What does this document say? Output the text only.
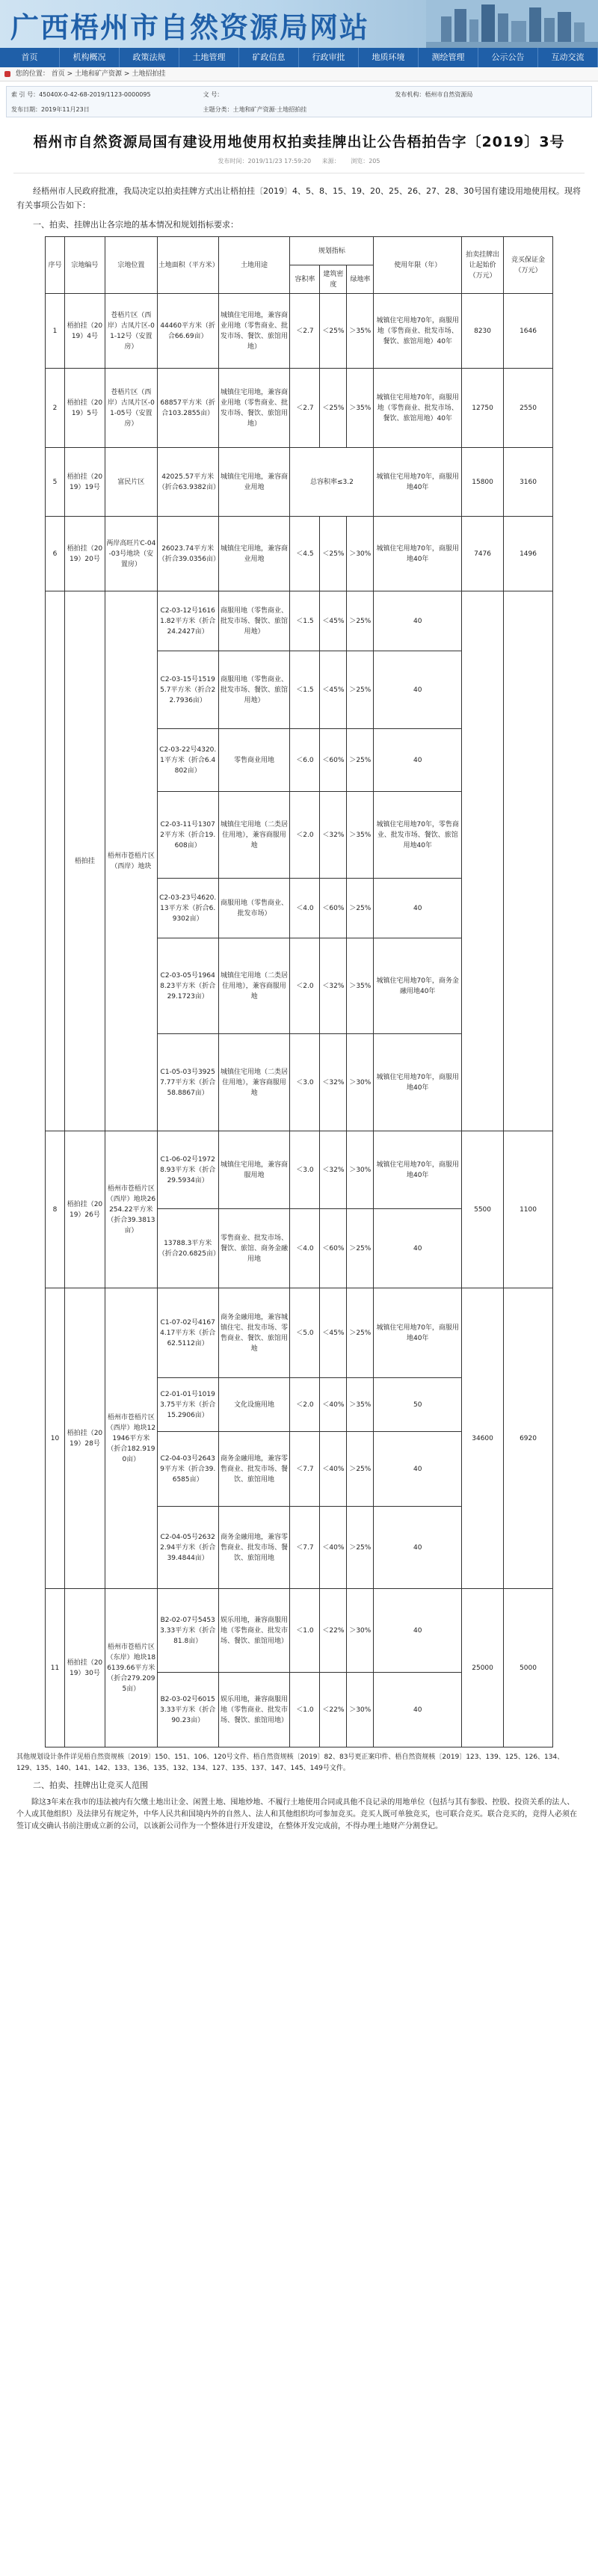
广西梧州市自然资源局网站
首页	机构概况	政策法规	土地管理	矿政信息	行政审批	地质环境	测绘管理	公示公告	互动交流
您的位置： 首页 > 土地和矿产资源 > 土地招拍挂
索 引 号：45040X-0-42-68-2019/1123-0000095	文 号：	发布机构：梧州市自然资源局
发布日期：2019年11月23日	主题分类：土地和矿产资源·土地招拍挂
梧州市自然资源局国有建设用地使用权拍卖挂牌出让公告梧拍告字〔2019〕3号
发布时间：2019/11/23 17:59:20 来源： 浏览：205

经梧州市人民政府批准，我局决定以拍卖挂牌方式出让梧拍挂〔2019〕4、5、8、15、19、20、25、26、27、28、30号国有建设用地使用权。现将有关事项公告如下：

一、拍卖、挂牌出让各宗地的基本情况和规划指标要求：

序号	宗地编号	宗地位置	土地面积（平方米）	土地用途	规划指标			使用年限（年）	拍卖挂牌出让起始价（万元）	竞买保证金（万元）
					容积率	建筑密度	绿地率			
1	梧拍挂（2019）4号	苍梧片区（西岸）古凤片区-01-12号（安置房）	44460平方米（折合66.69亩）	城镇住宅用地，兼容商业用地（零售商业、批发市场、餐饮、旅馆用地）	＜2.7	＜25%	＞35%	城镇住宅用地70年，商服用地（零售商业、批发市场、餐饮、旅馆用地）40年	8230	1646
2	梧拍挂（2019）5号	苍梧片区（西岸）古凤片区-01-05号（安置房）	68857平方米（折合103.2855亩）	城镇住宅用地，兼容商业用地（零售商业、批发市场、餐饮、旅馆用地）	＜2.7	＜25%	＞35%	城镇住宅用地70年，商服用地（零售商业、批发市场、餐饮、旅馆用地）40年	12750	2550
5	梧拍挂（2019）19号	富民片区	42025.57平方米（折合63.9382亩）	城镇住宅用地，兼容商业用地	总容积率≤3.2			城镇住宅用地70年，商服用地40年	15800	3160
6	梧拍挂（2019）20号	两岸高旺片C-04-03号地块（安置房）	26023.74平方米（折合39.0356亩）	城镇住宅用地，兼容商业用地	＜4.5	＜25%	＞30%	城镇住宅用地70年，商服用地40年	7476	1496
	梧拍挂	梧州市苍梧片区（西岸）地块	C2-03-12号16161.82平方米（折合24.2427亩）	商服用地（零售商业、批发市场、餐饮、旅馆用地）	＜1.5	＜45%	＞25%	40		
			C2-03-15号15195.7平方米（折合22.7936亩）	商服用地（零售商业、批发市场、餐饮、旅馆用地）	＜1.5	＜45%	＞25%	40		
			C2-03-22号4320.1平方米（折合6.4802亩）	零售商业用地	＜6.0	＜60%	＞25%	40		
			C2-03-11号13072平方米（折合19.608亩）	城镇住宅用地（二类居住用地），兼容商服用地	＜2.0	＜32%	＞35%	城镇住宅用地70年，零售商业、批发市场、餐饮、旅馆用地40年		
			C2-03-23号4620.13平方米（折合6.9302亩）	商服用地（零售商业、批发市场）	＜4.0	＜60%	＞25%	40		
			C2-03-05号19648.23平方米（折合29.1723亩）	城镇住宅用地（二类居住用地），兼容商服用地	＜2.0	＜32%	＞35%	城镇住宅用地70年，商务金融用地40年		
			C1-05-03号39257.77平方米（折合58.8867亩）	城镇住宅用地（二类居住用地），兼容商服用地	＜3.0	＜32%	＞30%	城镇住宅用地70年，商服用地40年		
8	梧拍挂（2019）26号	梧州市苍梧片区（西岸）地块26254.22平方米（折合39.3813亩）	C1-06-02号19728.93平方米（折合29.5934亩）	城镇住宅用地，兼容商服用地	＜3.0	＜32%	＞30%	城镇住宅用地70年，商服用地40年	5500	1100
			13788.3平方米（折合20.6825亩）	零售商业、批发市场、餐饮、旅馆、商务金融用地	＜4.0	＜60%	＞25%	40		
10	梧拍挂（2019）28号	梧州市苍梧片区（西岸）地块121946平方米（折合182.9190亩）	C1-07-02号41674.17平方米（折合62.5112亩）	商务金融用地，兼容城镇住宅、批发市场、零售商业、餐饮、旅馆用地	＜5.0	＜45%	＞25%	城镇住宅用地70年，商服用地40年	34600	6920
			C2-01-01号10193.75平方米（折合15.2906亩）	文化设施用地	＜2.0	＜40%	＞35%	50		
			C2-04-03号26439平方米（折合39.6585亩）	商务金融用地，兼容零售商业、批发市场、餐饮、旅馆用地	＜7.7	＜40%	＞25%	40		
			C2-04-05号26322.94平方米（折合39.4844亩）	商务金融用地，兼容零售商业、批发市场、餐饮、旅馆用地	＜7.7	＜40%	＞25%	40		
11	梧拍挂（2019）30号	梧州市苍梧片区（东岸）地块186139.66平方米（折合279.2095亩）	B2-02-07号54533.33平方米（折合81.8亩）	娱乐用地，兼容商服用地（零售商业、批发市场、餐饮、旅馆用地）	＜1.0	＜22%	＞30%	40	25000	5000
			B2-03-02号60153.33平方米（折合90.23亩）	娱乐用地，兼容商服用地（零售商业、批发市场、餐饮、旅馆用地）	＜1.0	＜22%	＞30%	40		

其他规划设计条件详见梧自然资规核〔2019〕150、151、106、120号文件、梧自然资规核〔2019〕82、83号更正案印件、梧自然资规核〔2019〕123、139、125、126、134、129、135、140、141、142、133、136、135、132、134、127、135、137、147、145、149号文件。

二、拍卖、挂牌出让竞买人范围

除这3年来在我市的违法被内有欠缴土地出让金、闲置土地、囤地炒地、不履行土地使用合同或具他不良记录的用地单位（包括与其有参股、控股、投资关系的法人、个人或其他组织）及法律另有规定外，中华人民共和国境内外的自然人、法人和其他组织均可参加竞买。竞买人既可单独竞买，也可联合竞买。联合竞买的，竞得人必须在签订成交确认书前注册成立新的公司，以该新公司作为一个整体进行开发建设，在整体开发完成前，不得办理土地财产分割登记。
